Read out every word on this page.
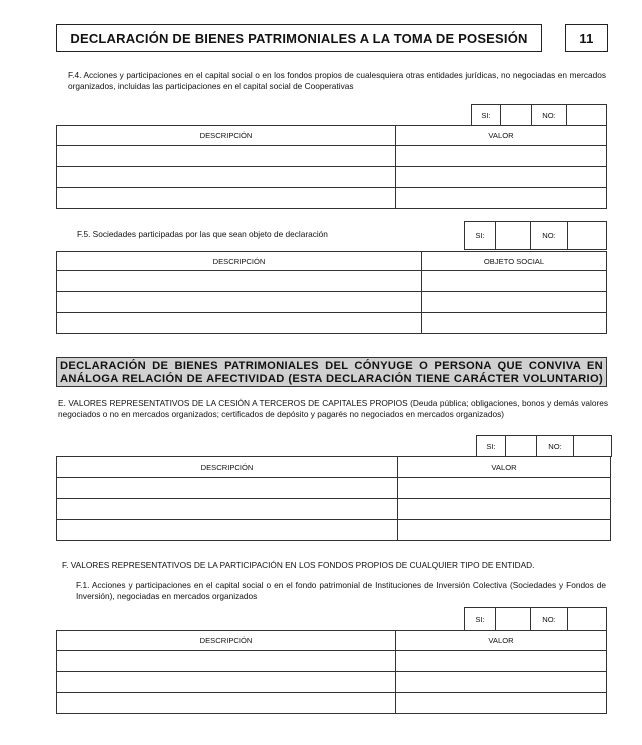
DECLARACIÓN DE BIENES PATRIMONIALES A LA TOMA DE POSESIÓN	11
F.4. Acciones y participaciones en el capital social o en los fondos propios de cualesquiera otras entidades jurídicas, no negociadas en mercados organizados, incluidas las participaciones en el capital social de Cooperativas
SI:		NO:	
DESCRIPCIÓN	VALOR

F.5. Sociedades participadas por las que sean objeto de declaración	SI:		NO:	
DESCRIPCIÓN	OBJETO SOCIAL

DECLARACIÓN DE BIENES PATRIMONIALES DEL CÓNYUGE O PERSONA QUE CONVIVA EN
ANÁLOGA RELACIÓN DE AFECTIVIDAD (ESTA DECLARACIÓN TIENE CARÁCTER VOLUNTARIO)
E. VALORES REPRESENTATIVOS DE LA CESIÓN A TERCEROS DE CAPITALES PROPIOS (Deuda pública; obligaciones, bonos y demás valores negociados o no en mercados organizados; certificados de depósito y pagarés no negociados en mercados organizados)
SI:		NO:	
DESCRIPCIÓN	VALOR

F. VALORES REPRESENTATIVOS DE LA PARTICIPACIÓN EN LOS FONDOS PROPIOS DE CUALQUIER TIPO DE ENTIDAD.
F.1. Acciones y participaciones en el capital social o en el fondo patrimonial de Instituciones de Inversión Colectiva (Sociedades y Fondos de Inversión), negociadas en mercados organizados
SI:		NO:	
DESCRIPCIÓN	VALOR
